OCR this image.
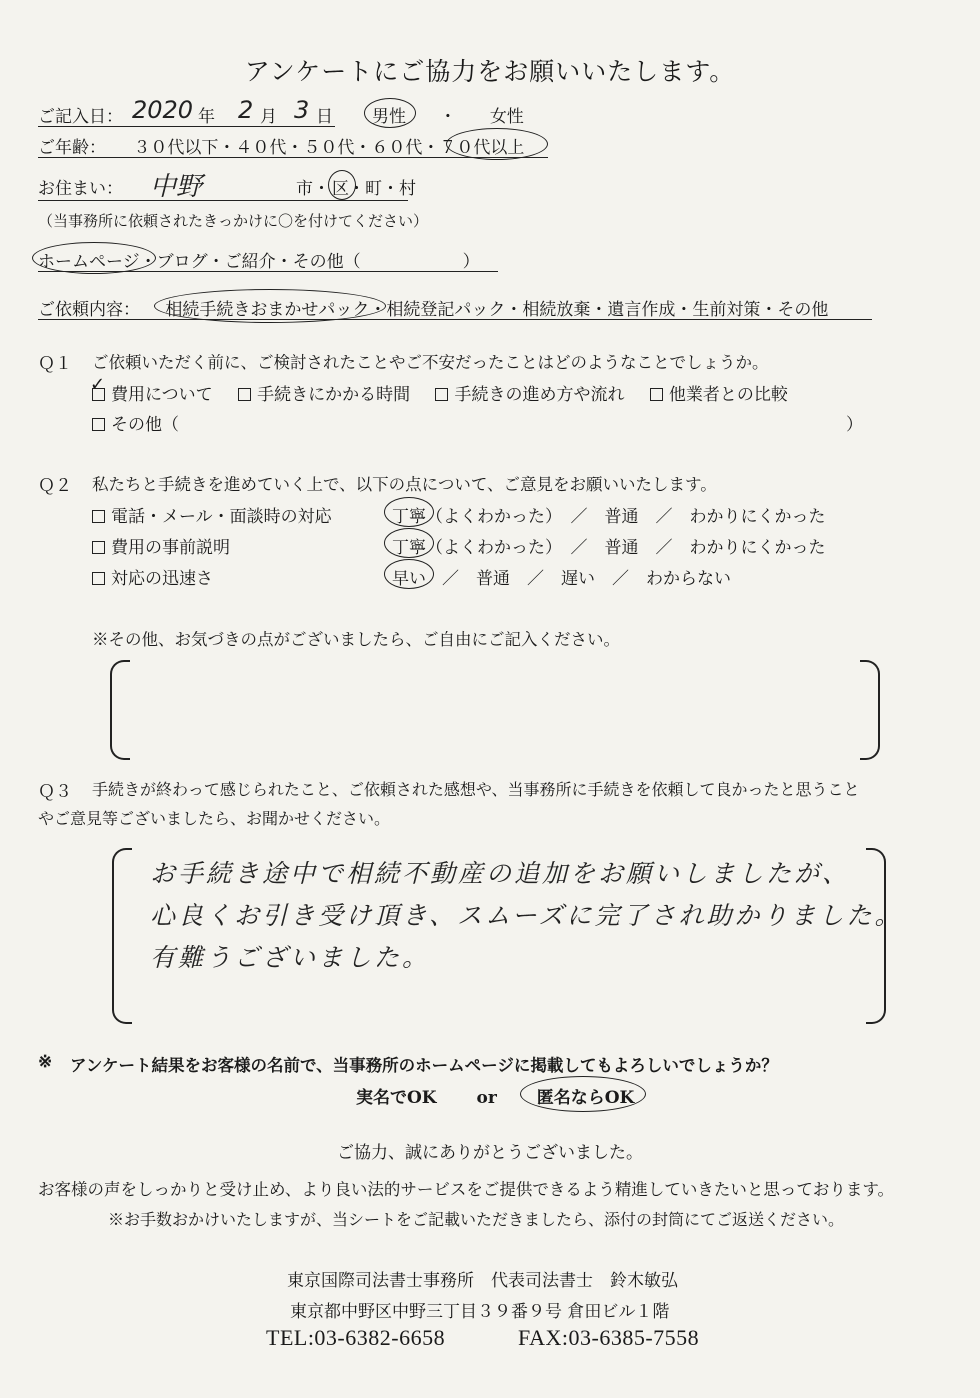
アンケートにご協力をお願いいたします。
ご記入日： 2020 年 2 月 3 日 男性 ・ 女性
ご年齢： ３０代以下・４０代・５０代・６０代・７０代以上
お住まい： 中野	市・ 区 ・町・村
（当事務所に依頼されたきっかけに〇を付けてください）
ホームページ・ブログ・ご紹介・その他（　　　　　　）
ご依頼内容： 相続手続きおまかせパック・相続登記パック・相続放棄・遺言作成・生前対策・その他
Ｑ１ ご依頼いただく前に、ご検討されたことやご不安だったことはどのようなことでしょうか。
費用について	手続きにかかる時間	手続きの進め方や流れ	他業者との比較
✓
その他（	）
Ｑ２ 私たちと手続きを進めていく上で、以下の点について、ご意見をお願いいたします。
電話・メール・面談時の対応	丁寧（よくわかった）　／　普通　／　わかりにくかった
費用の事前説明	丁寧（よくわかった）　／　普通　／　わかりにくかった
対応の迅速さ	早い ／　普通　／　遅い　／　わからない
※その他、お気づきの点がございましたら、ご自由にご記入ください。
Ｑ３ 手続きが終わって感じられたこと、ご依頼された感想や、当事務所に手続きを依頼して良かったと思うこと
やご意見等ございましたら、お聞かせください。
お手続き途中で相続不動産の追加をお願いしましたが、
心良くお引き受け頂き、スムーズに完了され助かりました。
有難うございました。
※ アンケート結果をお客様の名前で、当事務所のホームページに掲載してもよろしいでしょうか？
実名でOK or 匿名ならOK
ご協力、誠にありがとうございました。
お客様の声をしっかりと受け止め、より良い法的サービスをご提供できるよう精進していきたいと思っております。
※お手数おかけいたしますが、当シートをご記載いただきましたら、添付の封筒にてご返送ください。
東京国際司法書士事務所　代表司法書士　鈴木敏弘
東京都中野区中野三丁目３９番９号 倉田ビル１階
TEL:03-6382-6658	FAX:03-6385-7558
